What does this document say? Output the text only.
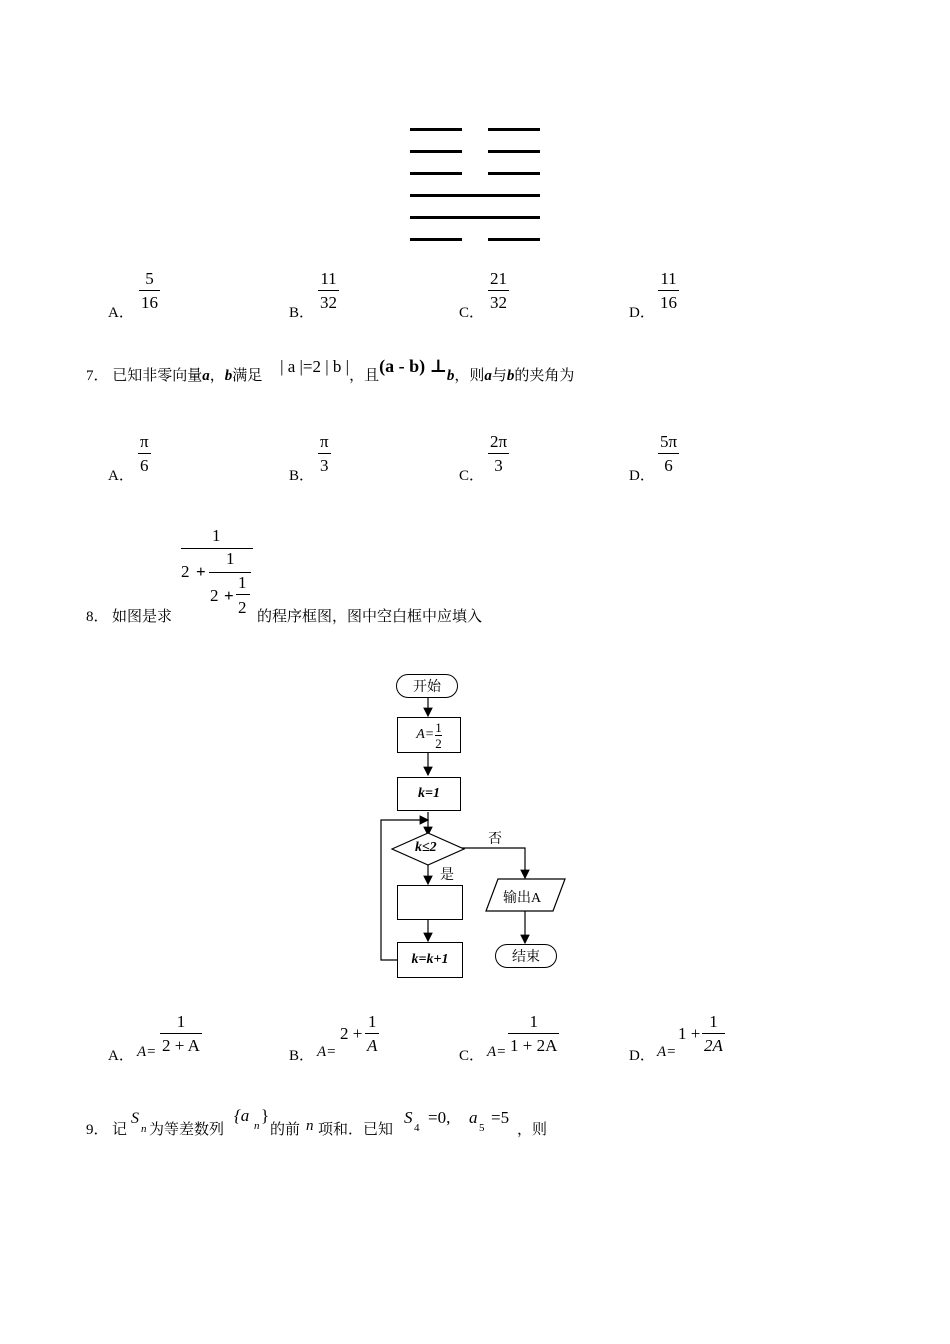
A．
5
16
B．
11
32
C．
21
32
D．
11
16
7． 已知非零向量a，b满足 | a |=2 | b |，且(a - b) ⊥b，则a与b的夹角为
A．
π
6
B．
π
3
C．
2π
3
D．
5π
6
8． 如图是求
1
2 +
1
2 +
1
2 的程序框图，图中空白框中应填入
开始
A= 1
2
k=1
k≤2
否
是
输出A
k=k+1	结束
A． A=
1
2 + A
B． A=
2 +
1
A
C． A=
1
1 + 2A
D． A=
1 +
1
2A
9． 记
S
n 为等差数列
{a
n
}
的前 n 项和．已知
S
4
=0, a
5
=5
，则
